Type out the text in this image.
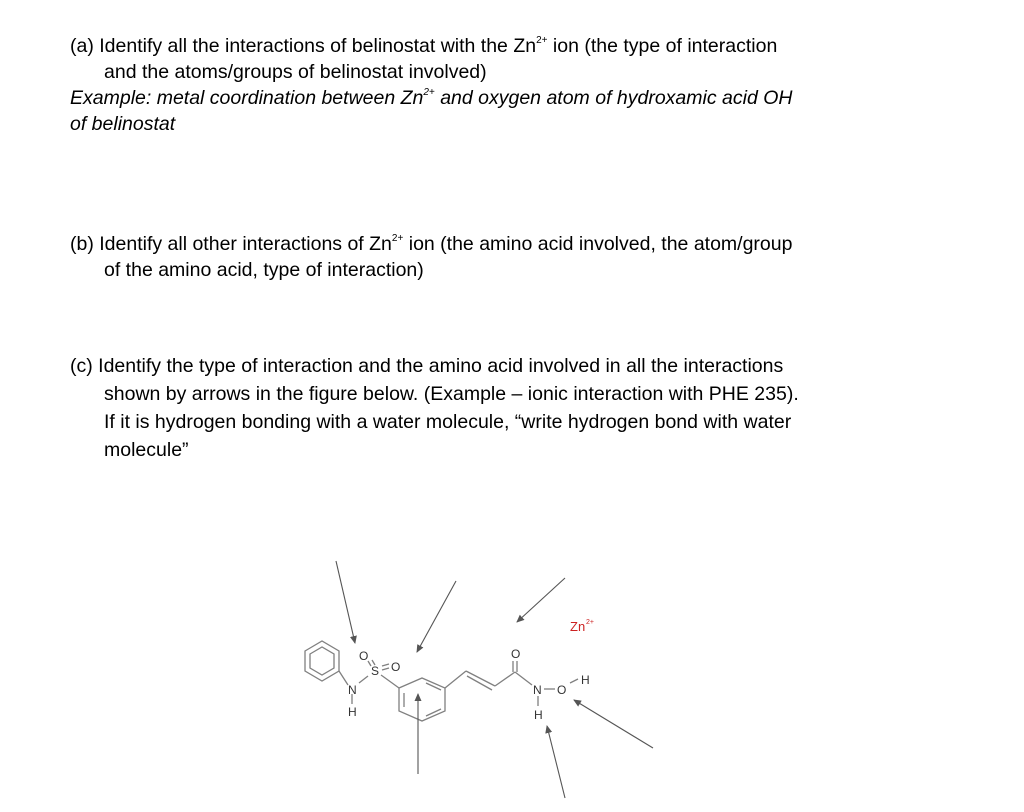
(a) Identify all the interactions of belinostat with the $Zn^{2+}$ ion (the type of interaction
and the atoms/groups of belinostat involved)
Example: metal coordination between $Zn^{2+}$ and oxygen atom of hydroxamic acid OH
of belinostat
(b) Identify all other interactions of $Zn^{2+}$ ion (the amino acid involved, the atom/group
of the amino acid, type of interaction)
(c) Identify the type of interaction and the amino acid involved in all the interactions
shown by arrows in the figure below. (Example – ionic interaction with PHE 235).
If it is hydrogen bonding with a water molecule, “write hydrogen bond with water
molecule”
O
S O
N
H
O
N
H
O
H
Zn 2+
